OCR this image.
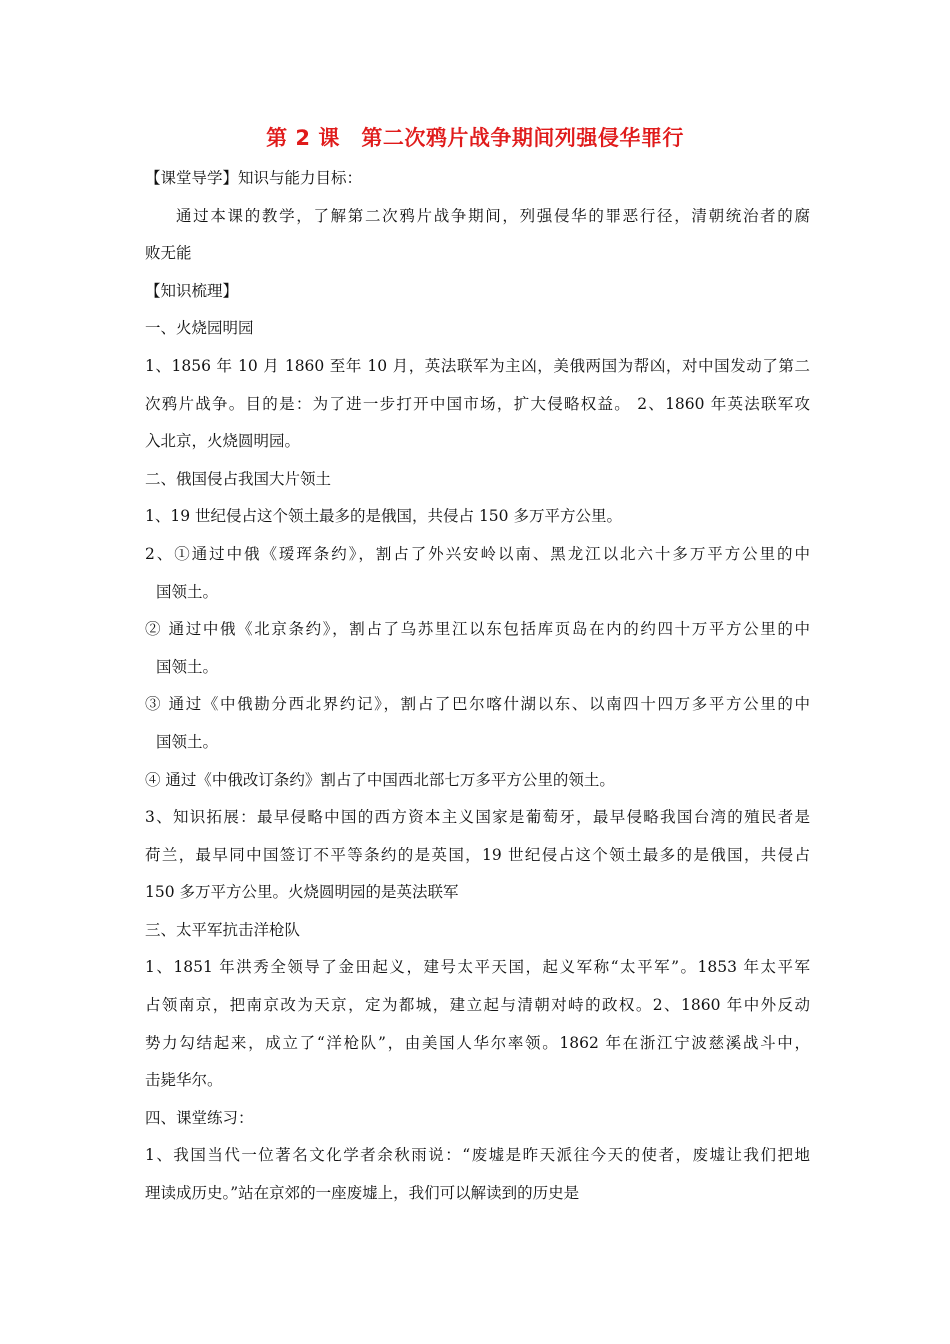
第 2 课　第二次鸦片战争期间列强侵华罪行
【课堂导学】知识与能力目标：
通过本课的教学，了解第二次鸦片战争期间，列强侵华的罪恶行径，清朝统治者的腐
败无能
【知识梳理】
一、火烧园明园
1、1856 年 10 月 1860 至年 10 月，英法联军为主凶，美俄两国为帮凶，对中国发动了第二
次鸦片战争。目的是：为了进一步打开中国市场，扩大侵略权益。 2、1860 年英法联军攻
入北京，火烧圆明园。
二、俄国侵占我国大片领土
1、19 世纪侵占这个领土最多的是俄国，共侵占 150 多万平方公里。
2、①通过中俄《瑷珲条约》，割占了外兴安岭以南、黑龙江以北六十多万平方公里的中
国领土。
② 通过中俄《北京条约》，割占了乌苏里江以东包括库页岛在内的约四十万平方公里的中
国领土。
③ 通过《中俄勘分西北界约记》，割占了巴尔喀什湖以东、以南四十四万多平方公里的中
国领土。
④ 通过《中俄改订条约》割占了中国西北部七万多平方公里的领土。
3、知识拓展：最早侵略中国的西方资本主义国家是葡萄牙，最早侵略我国台湾的殖民者是
荷兰，最早同中国签订不平等条约的是英国，19 世纪侵占这个领土最多的是俄国，共侵占
150 多万平方公里。火烧圆明园的是英法联军
三、太平军抗击洋枪队
1、1851 年洪秀全领导了金田起义，建号太平天国，起义军称“太平军”。1853 年太平军
占领南京，把南京改为天京，定为都城，建立起与清朝对峙的政权。2、1860 年中外反动
势力勾结起来，成立了“洋枪队”，由美国人华尔率领。1862 年在浙江宁波慈溪战斗中，
击毙华尔。
四、课堂练习：
1、我国当代一位著名文化学者余秋雨说：“废墟是昨天派往今天的使者，废墟让我们把地
理读成历史。”站在京郊的一座废墟上，我们可以解读到的历史是
